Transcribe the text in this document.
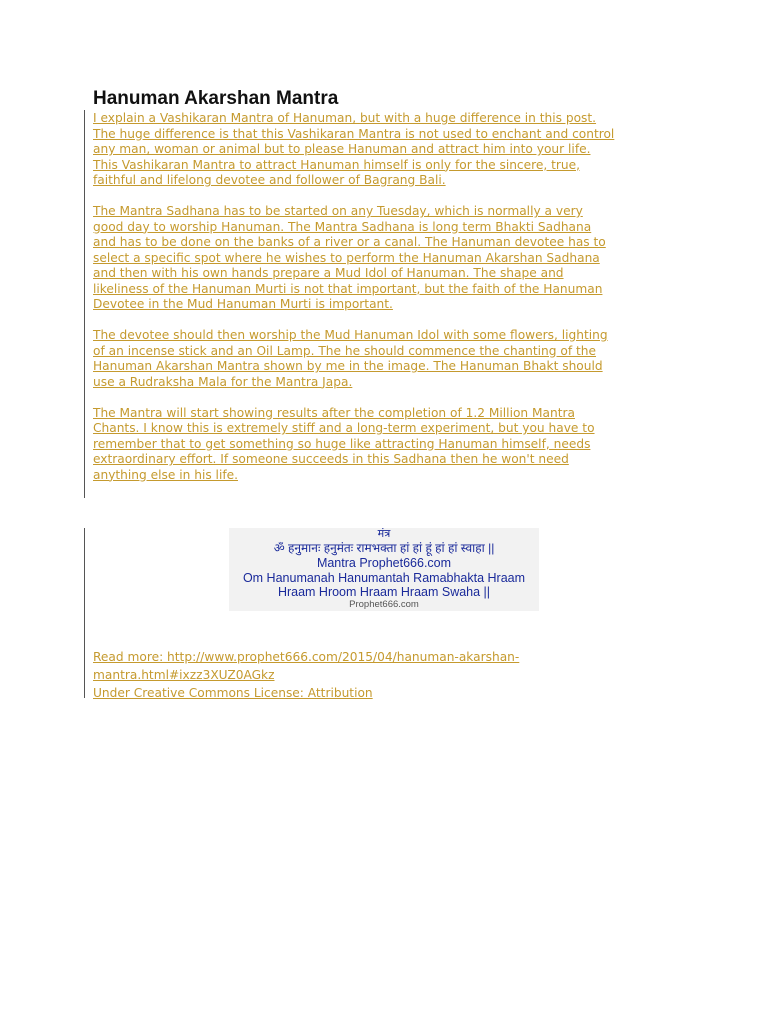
Hanuman Akarshan Mantra

I explain a Vashikaran Mantra of Hanuman, but with a huge difference in this post.
The huge difference is that this Vashikaran Mantra is not used to enchant and control
any man, woman or animal but to please Hanuman and attract him into your life.
This Vashikaran Mantra to attract Hanuman himself is only for the sincere, true,
faithful and lifelong devotee and follower of Bagrang Bali.

The Mantra Sadhana has to be started on any Tuesday, which is normally a very
good day to worship Hanuman. The Mantra Sadhana is long term Bhakti Sadhana
and has to be done on the banks of a river or a canal. The Hanuman devotee has to
select a specific spot where he wishes to perform the Hanuman Akarshan Sadhana
and then with his own hands prepare a Mud Idol of Hanuman. The shape and
likeliness of the Hanuman Murti is not that important, but the faith of the Hanuman
Devotee in the Mud Hanuman Murti is important.

The devotee should then worship the Mud Hanuman Idol with some flowers, lighting
of an incense stick and an Oil Lamp. The he should commence the chanting of the
Hanuman Akarshan Mantra shown by me in the image. The Hanuman Bhakt should
use a Rudraksha Mala for the Mantra Japa.

The Mantra will start showing results after the completion of 1.2 Million Mantra
Chants. I know this is extremely stiff and a long-term experiment, but you have to
remember that to get something so huge like attracting Hanuman himself, needs
extraordinary effort. If someone succeeds in this Sadhana then he won't need
anything else in his life.

मंत्र
ॐ हनुमानः हनुमंतः रामभक्ता हां हां हूं हां हां स्वाहा ||
Mantra Prophet666.com
Om Hanumanah Hanumantah Ramabhakta Hraam
Hraam Hroom Hraam Hraam Swaha ||
Prophet666.com

Read more: http://www.prophet666.com/2015/04/hanuman-akarshan-
mantra.html#ixzz3XUZ0AGkz

Under Creative Commons License: Attribution
